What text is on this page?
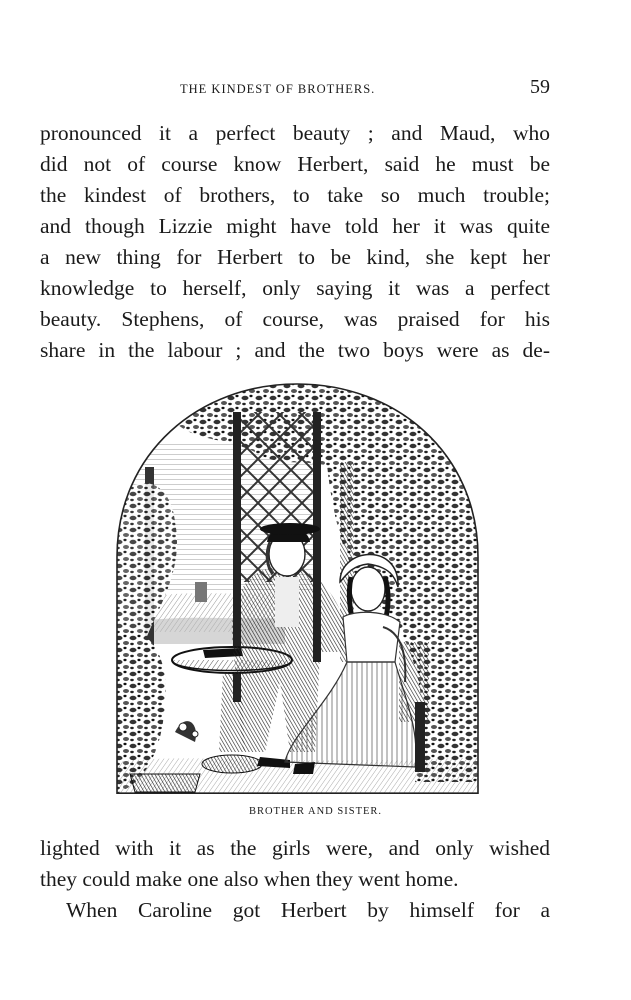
THE KINDEST OF BROTHERS.	59

pronounced it a perfect beauty ; and Maud, who
did not of course know Herbert, said he must be
the kindest of brothers, to take so much trouble;
and though Lizzie might have told her it was quite
a new thing for Herbert to be kind, she kept her
knowledge to herself, only saying it was a perfect
beauty. Stephens, of course, was praised for his
share in the labour ; and the two boys were as de-

BROTHER AND SISTER.

lighted with it as the girls were, and only wished
they could make one also when they went home.

When Caroline got Herbert by himself for a
